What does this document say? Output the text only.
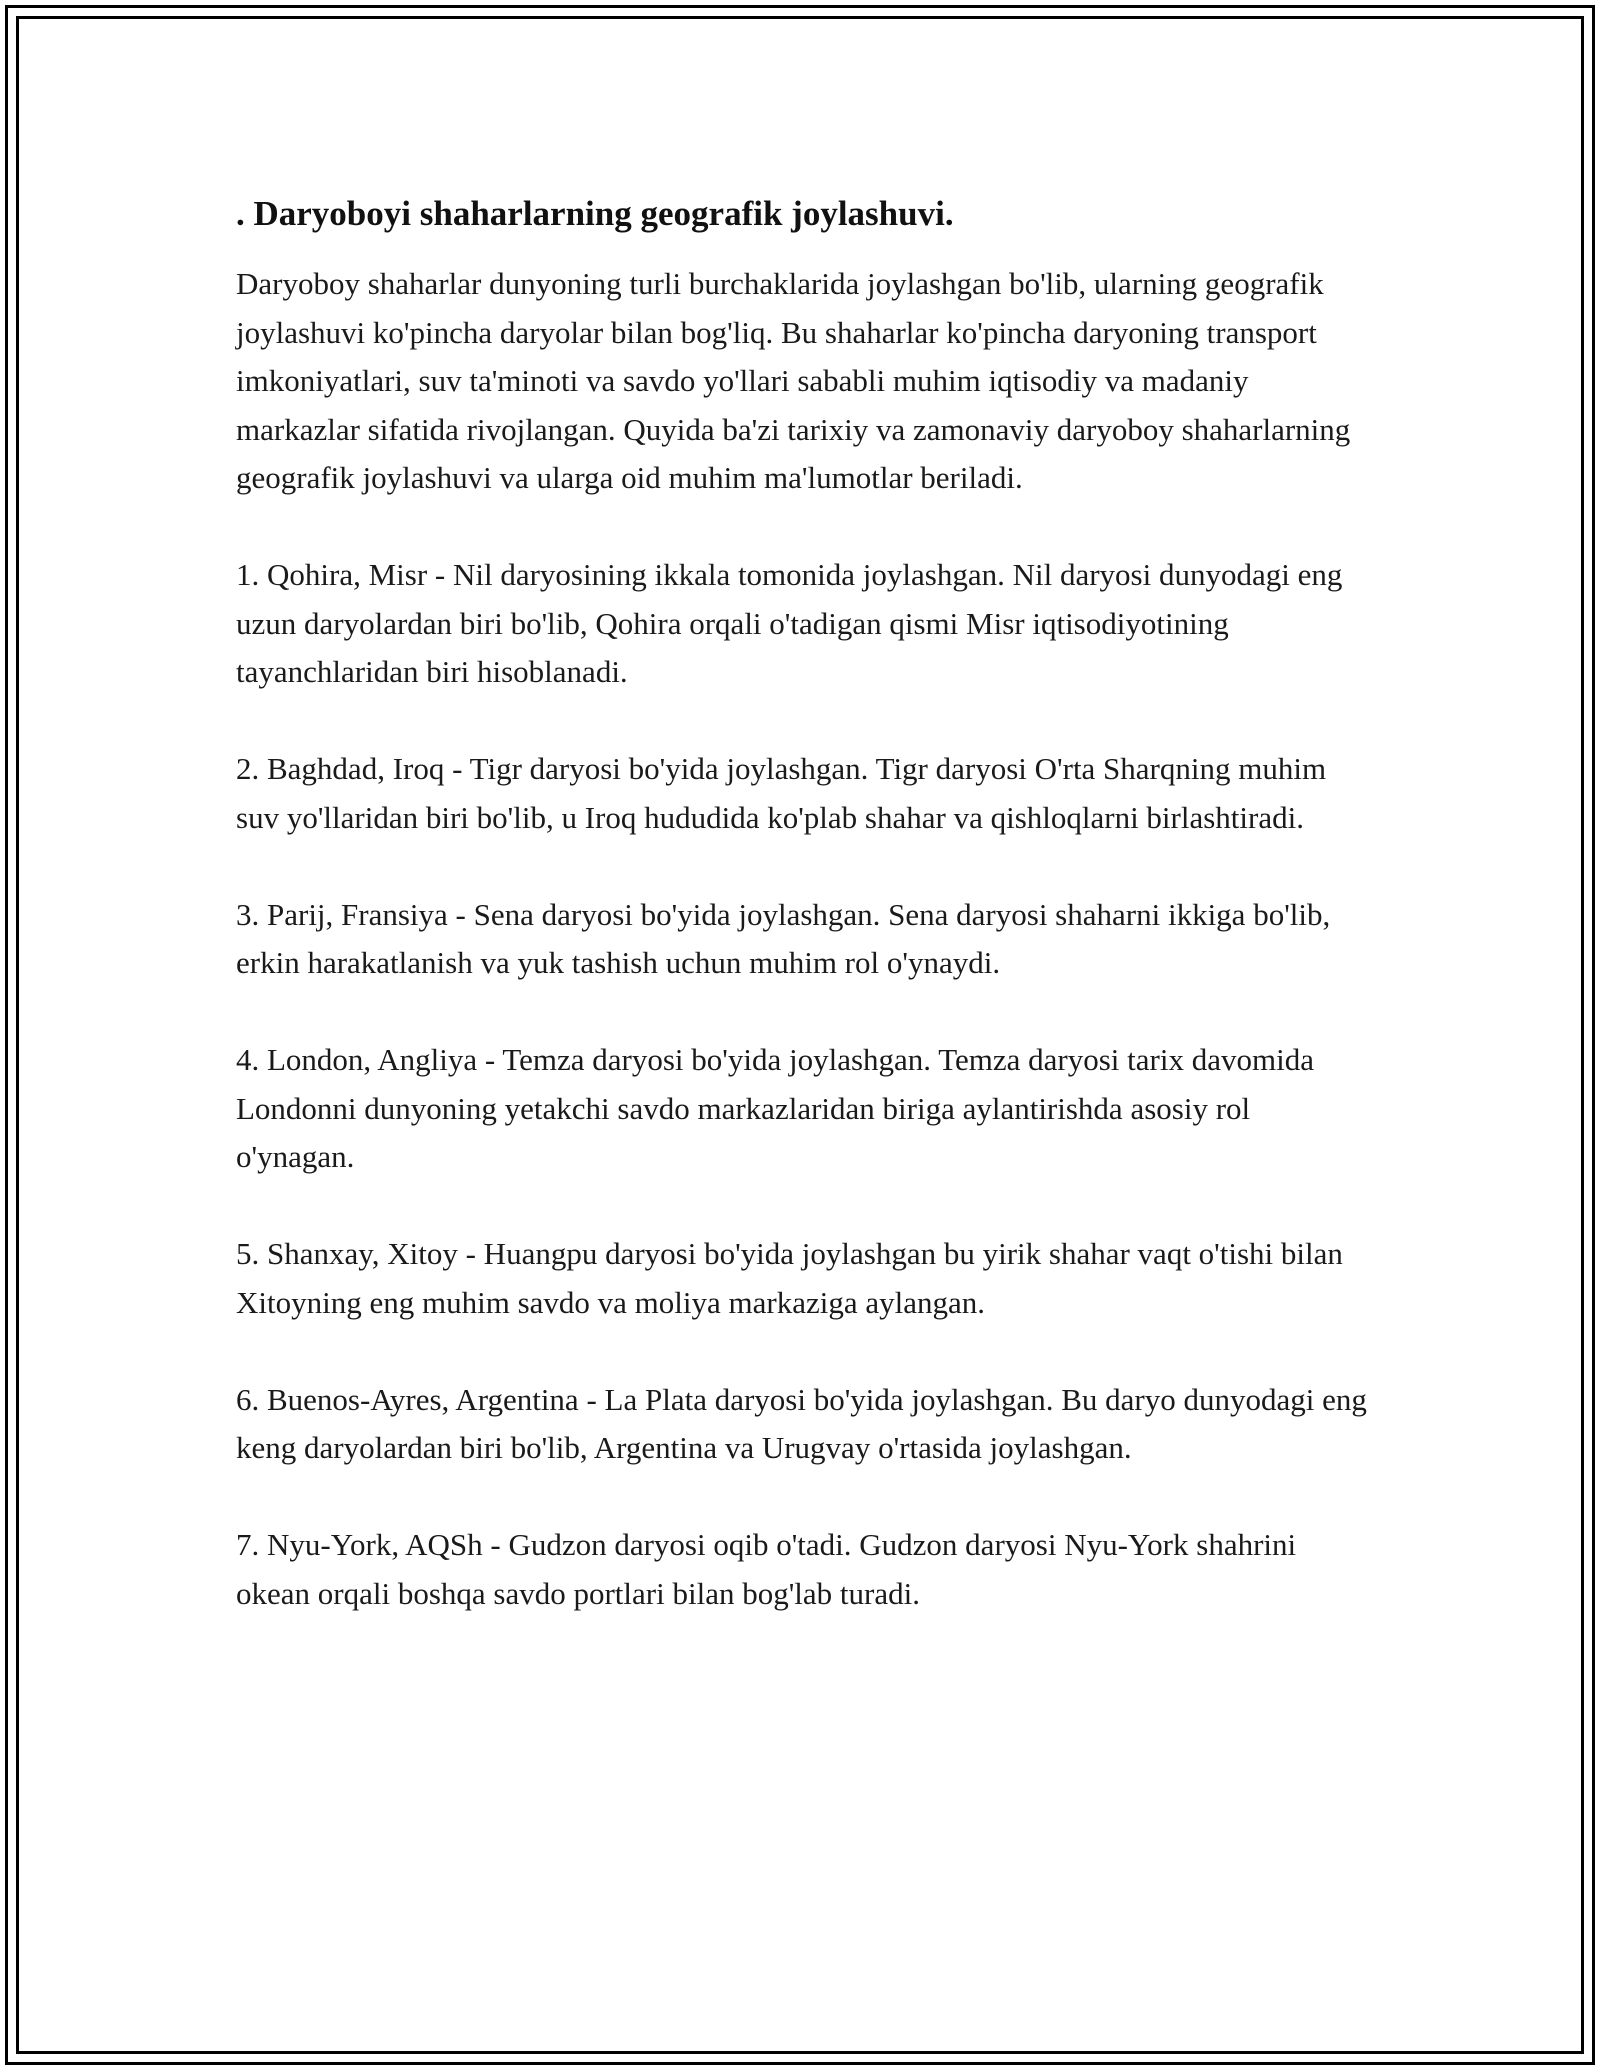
. Daryoboyi shaharlarning geografik joylashuvi.

Daryoboy shaharlar dunyoning turli burchaklarida joylashgan bo'lib, ularning geografik joylashuvi ko'pincha daryolar bilan bog'liq. Bu shaharlar ko'pincha daryoning transport imkoniyatlari, suv ta'minoti va savdo yo'llari sababli muhim iqtisodiy va madaniy markazlar sifatida rivojlangan. Quyida ba'zi tarixiy va zamonaviy daryoboy shaharlarning geografik joylashuvi va ularga oid muhim ma'lumotlar beriladi.

1. Qohira, Misr - Nil daryosining ikkala tomonida joylashgan. Nil daryosi dunyodagi eng uzun daryolardan biri bo'lib, Qohira orqali o'tadigan qismi Misr iqtisodiyotining tayanchlaridan biri hisoblanadi.

2. Baghdad, Iroq - Tigr daryosi bo'yida joylashgan. Tigr daryosi O'rta Sharqning muhim suv yo'llaridan biri bo'lib, u Iroq hududida ko'plab shahar va qishloqlarni birlashtiradi.

3. Parij, Fransiya - Sena daryosi bo'yida joylashgan. Sena daryosi shaharni ikkiga bo'lib, erkin harakatlanish va yuk tashish uchun muhim rol o'ynaydi.

4. London, Angliya - Temza daryosi bo'yida joylashgan. Temza daryosi tarix davomida Londonni dunyoning yetakchi savdo markazlaridan biriga aylantirishda asosiy rol o'ynagan.

5. Shanxay, Xitoy - Huangpu daryosi bo'yida joylashgan bu yirik shahar vaqt o'tishi bilan Xitoyning eng muhim savdo va moliya markaziga aylangan.

6. Buenos-Ayres, Argentina - La Plata daryosi bo'yida joylashgan. Bu daryo dunyodagi eng keng daryolardan biri bo'lib, Argentina va Urugvay o'rtasida joylashgan.

7. Nyu-York, AQSh - Gudzon daryosi oqib o'tadi. Gudzon daryosi Nyu-York shahrini okean orqali boshqa savdo portlari bilan bog'lab turadi.
